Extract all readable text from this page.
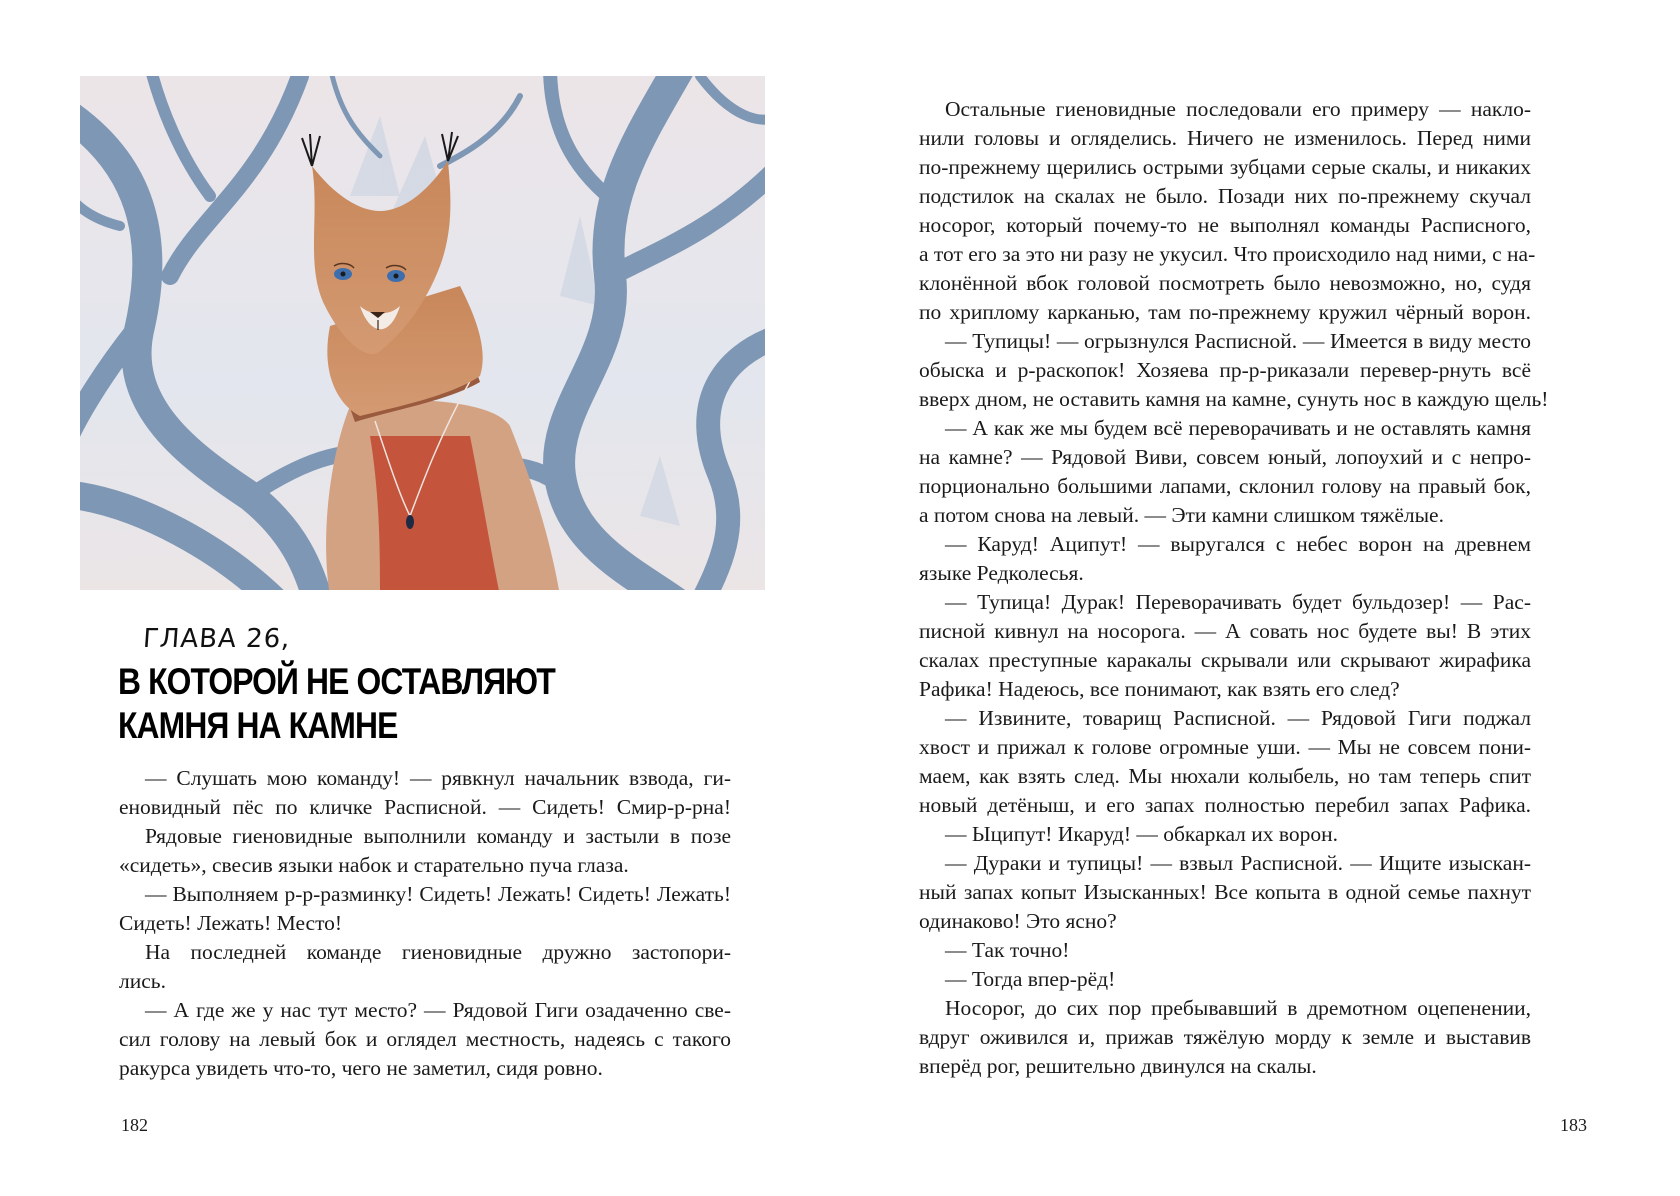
ГЛАВА 26,
В КОТОРОЙ НЕ ОСТАВЛЯЮТ
КАМНЯ НА КАМНЕ
— Слушать мою команду! — рявкнул начальник взвода, ги-
еновидный пёс по кличке Расписной. — Сидеть! Смир-р-рна!
Рядовые гиеновидные выполнили команду и застыли в позе
«сидеть», свесив языки набок и старательно пуча глаза.
— Выполняем р-р-разминку! Сидеть! Лежать! Сидеть! Лежать!
Сидеть! Лежать! Место!
На последней команде гиеновидные дружно застопори-
лись.
— А где же у нас тут место? — Рядовой Гиги озадаченно све-
сил голову на левый бок и оглядел местность, надеясь с такого
ракурса увидеть что-то, чего не заметил, сидя ровно.
182
Остальные гиеновидные последовали его примеру — накло-
нили головы и огляделись. Ничего не изменилось. Перед ними
по-прежнему щерились острыми зубцами серые скалы, и никаких
подстилок на скалах не было. Позади них по-прежнему скучал
носорог, который почему-то не выполнял команды Расписного,
а тот его за это ни разу не укусил. Что происходило над ними, с на-
клонённой вбок головой посмотреть было невозможно, но, судя
по хриплому карканью, там по-прежнему кружил чёрный ворон.
— Тупицы! — огрызнулся Расписной. — Имеется в виду место
обыска и р-раскопок! Хозяева пр-р-риказали перевер-рнуть всё
вверх дном, не оставить камня на камне, сунуть нос в каждую щель!
— А как же мы будем всё переворачивать и не оставлять камня
на камне? — Рядовой Виви, совсем юный, лопоухий и с непро-
порционально большими лапами, склонил голову на правый бок,
а потом снова на левый. — Эти камни слишком тяжёлые.
— Каруд! Аципут! — выругался с небес ворон на древнем
языке Редколесья.
— Тупица! Дурак! Переворачивать будет бульдозер! — Рас-
писной кивнул на носорога. — А совать нос будете вы! В этих
скалах преступные каракалы скрывали или скрывают жирафика
Рафика! Надеюсь, все понимают, как взять его след?
— Извините, товарищ Расписной. — Рядовой Гиги поджал
хвост и прижал к голове огромные уши. — Мы не совсем пони-
маем, как взять след. Мы нюхали колыбель, но там теперь спит
новый детёныш, и его запах полностью перебил запах Рафика.
— Ыципут! Икаруд! — обкаркал их ворон.
— Дураки и тупицы! — взвыл Расписной. — Ищите изыскан-
ный запах копыт Изысканных! Все копыта в одной семье пахнут
одинаково! Это ясно?
— Так точно!
— Тогда впер-рёд!
Носорог, до сих пор пребывавший в дремотном оцепенении,
вдруг оживился и, прижав тяжёлую морду к земле и выставив
вперёд рог, решительно двинулся на скалы.
183
